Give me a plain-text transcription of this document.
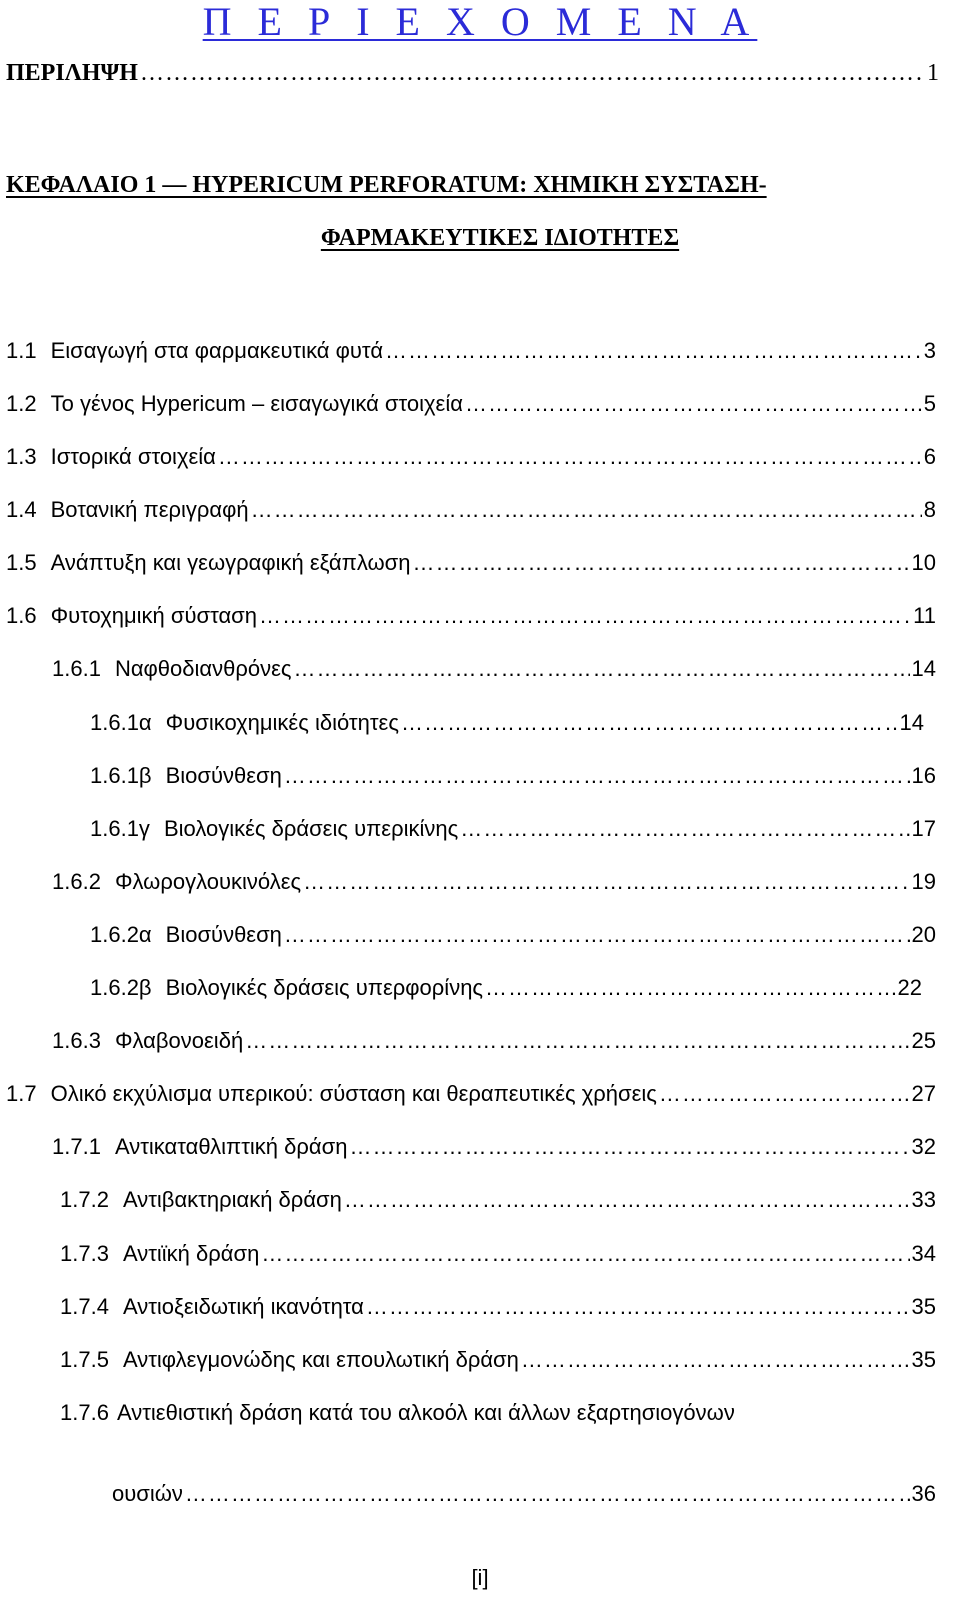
Π Ε Ρ Ι Ε Χ Ο Μ Ε Ν Α
ΠΕΡΙΛΗΨΗ …………………………………………………………………………………………………………………………………………………………………	1
ΚΕΦΑΛΑΙΟ 1 — HYPERICUM PERFORATUM: ΧΗΜΙΚΗ ΣΥΣΤΑΣΗ-
ΦΑΡΜΑΚΕΥΤΙΚΕΣ ΙΔΙΟΤΗΤΕΣ
1.1 Εισαγωγή στα φαρμακευτικά φυτά …………………………………………………………………………………………………………………………………………………………………	3
1.2 Το γένος Hypericum – εισαγωγικά στοιχεία …………………………………………………………………………………………………………………………………………………………………	5
1.3 Ιστορικά στοιχεία …………………………………………………………………………………………………………………………………………………………………	6
1.4 Βοτανική περιγραφή …………………………………………………………………………………………………………………………………………………………………	8
1.5 Ανάπτυξη και γεωγραφική εξάπλωση …………………………………………………………………………………………………………………………………………………………………	10
1.6 Φυτοχημική σύσταση …………………………………………………………………………………………………………………………………………………………………	11
1.6.1 Ναφθοδιανθρόνες …………………………………………………………………………………………………………………………………………………………………	14
1.6.1α Φυσικοχημικές ιδιότητες …………………………………………………………………………………………………………………………………………………………………	14
1.6.1β Βιοσύνθεση …………………………………………………………………………………………………………………………………………………………………	16
1.6.1γ Βιολογικές δράσεις υπερικίνης …………………………………………………………………………………………………………………………………………………………………	17
1.6.2 Φλωρογλουκινόλες …………………………………………………………………………………………………………………………………………………………………	19
1.6.2α Βιοσύνθεση …………………………………………………………………………………………………………………………………………………………………	20
1.6.2β Βιολογικές δράσεις υπερφορίνης …………………………………………………………………………………………………………………………………………………………………	22
1.6.3 Φλαβονοειδή …………………………………………………………………………………………………………………………………………………………………	25
1.7 Ολικό εκχύλισμα υπερικού: σύσταση και θεραπευτικές χρήσεις …………………………………………………………………………………………………………………………………………………………………	27
1.7.1 Αντικαταθλιπτική δράση …………………………………………………………………………………………………………………………………………………………………	32
1.7.2 Αντιβακτηριακή δράση …………………………………………………………………………………………………………………………………………………………………	33
1.7.3 Αντιϊκή δράση …………………………………………………………………………………………………………………………………………………………………	34
1.7.4 Αντιοξειδωτική ικανότητα …………………………………………………………………………………………………………………………………………………………………	35
1.7.5 Αντιφλεγμονώδης και επουλωτική δράση …………………………………………………………………………………………………………………………………………………………………	35
1.7.6 Αντιεθιστική δράση κατά του αλκοόλ και άλλων εξαρτησιογόνων
ουσιών …………………………………………………………………………………………………………………………………………………………………	36
[i]
